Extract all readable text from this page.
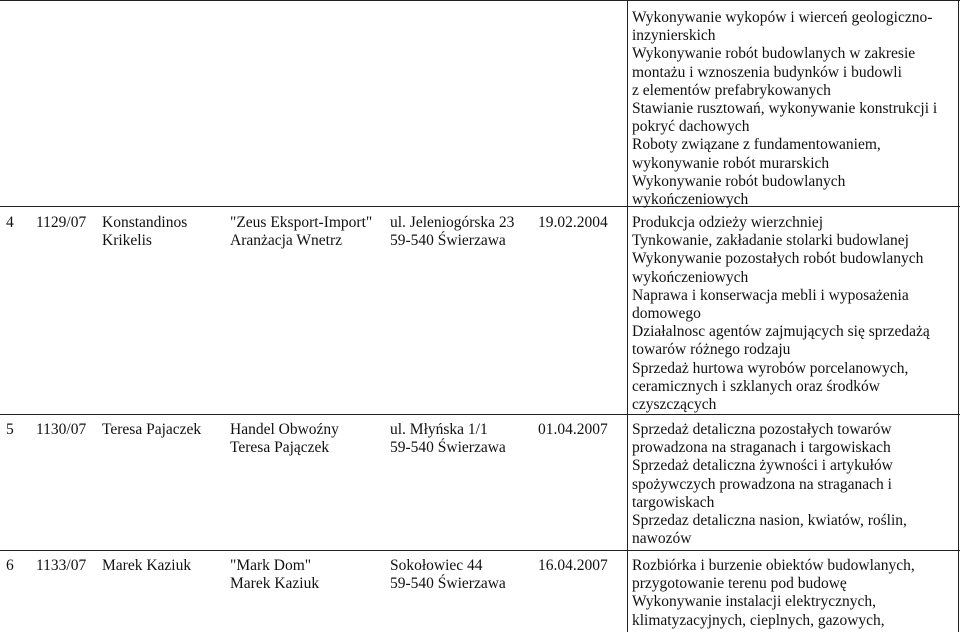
Wykonywanie wykopów i wierceń geologiczno-
inzynierskich
Wykonywanie robót budowlanych w zakresie
montażu i wznoszenia budynków i budowli
z elementów prefabrykowanych
Stawianie rusztowań, wykonywanie konstrukcji i
pokryć dachowych
Roboty związane z fundamentowaniem,
wykonywanie robót murarskich
Wykonywanie robót budowlanych
wykończeniowych
4 1129/07 Konstandinos
Krikelis
"Zeus Eksport-Import"
Aranżacja Wnetrz
ul. Jeleniogórska 23
59-540 Świerzawa
19.02.2004 Produkcja odzieży wierzchniej
Tynkowanie, zakładanie stolarki budowlanej
Wykonywanie pozostałych robót budowlanych
wykończeniowych
Naprawa i konserwacja mebli i wyposażenia
domowego
Działalnosc agentów zajmujących się sprzedażą
towarów różnego rodzaju
Sprzedaż hurtowa wyrobów porcelanowych,
ceramicznych i szklanych oraz środków
czyszczących
5 1130/07 Teresa Pajaczek Handel Obwoźny
Teresa Pajączek
ul. Młyńska 1/1
59-540 Świerzawa
01.04.2007 Sprzedaż detaliczna pozostałych towarów
prowadzona na straganach i targowiskach
Sprzedaż detaliczna żywności i artykułów
spożywczych prowadzona na straganach i
targowiskach
Sprzedaz detaliczna nasion, kwiatów, roślin,
nawozów
6 1133/07 Marek Kaziuk	"Mark Dom"
Marek Kaziuk
Sokołowiec 44
59-540 Świerzawa
16.04.2007 Rozbiórka i burzenie obiektów budowlanych,
przygotowanie terenu pod budowę
Wykonywanie instalacji elektrycznych,
klimatyzacyjnych, cieplnych, gazowych,
